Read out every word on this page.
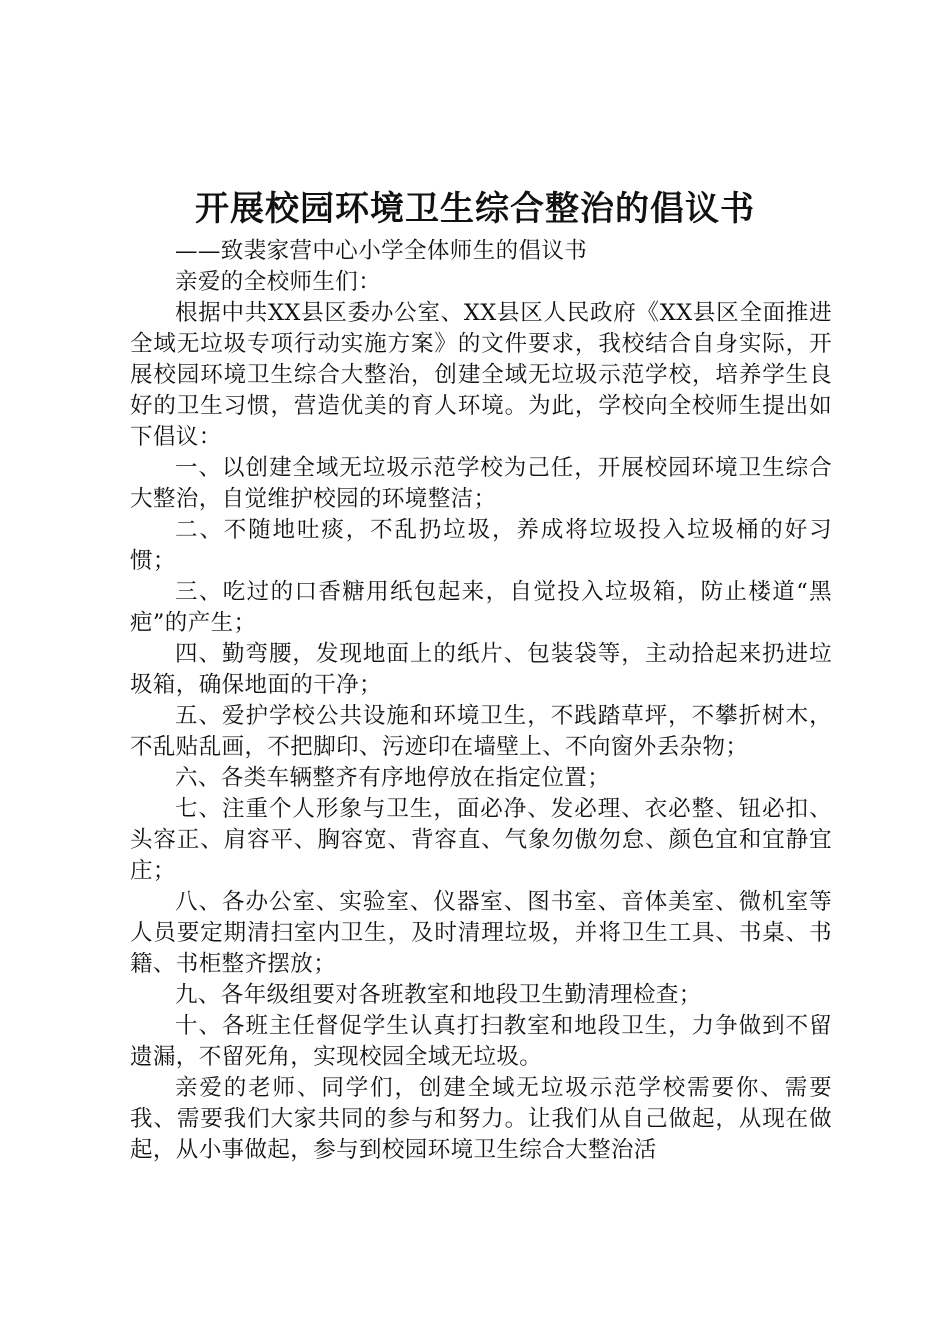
开展校园环境卫生综合整治的倡议书

——致裴家营中心小学全体师生的倡议书

亲爱的全校师生们：

根据中共XX县区委办公室、XX县区人民政府《XX县区全面推进全域无垃圾专项行动实施方案》的文件要求，我校结合自身实际，开展校园环境卫生综合大整治，创建全域无垃圾示范学校，培养学生良好的卫生习惯，营造优美的育人环境。为此，学校向全校师生提出如下倡议：

一、以创建全域无垃圾示范学校为己任，开展校园环境卫生综合大整治，自觉维护校园的环境整洁；

二、不随地吐痰，不乱扔垃圾，养成将垃圾投入垃圾桶的好习惯；

三、吃过的口香糖用纸包起来，自觉投入垃圾箱，防止楼道“黑疤”的产生；

四、勤弯腰，发现地面上的纸片、包装袋等，主动拾起来扔进垃圾箱，确保地面的干净；

五、爱护学校公共设施和环境卫生，不践踏草坪，不攀折树木，不乱贴乱画，不把脚印、污迹印在墙壁上、不向窗外丢杂物；

六、各类车辆整齐有序地停放在指定位置；

七、注重个人形象与卫生，面必净、发必理、衣必整、钮必扣、头容正、肩容平、胸容宽、背容直、气象勿傲勿怠、颜色宜和宜静宜庄；

八、各办公室、实验室、仪器室、图书室、音体美室、微机室等人员要定期清扫室内卫生，及时清理垃圾，并将卫生工具、书桌、书籍、书柜整齐摆放；

九、各年级组要对各班教室和地段卫生勤清理检查；

十、各班主任督促学生认真打扫教室和地段卫生，力争做到不留遗漏，不留死角，实现校园全域无垃圾。

亲爱的老师、同学们，创建全域无垃圾示范学校需要你、需要我、需要我们大家共同的参与和努力。让我们从自己做起，从现在做起，从小事做起，参与到校园环境卫生综合大整治活
